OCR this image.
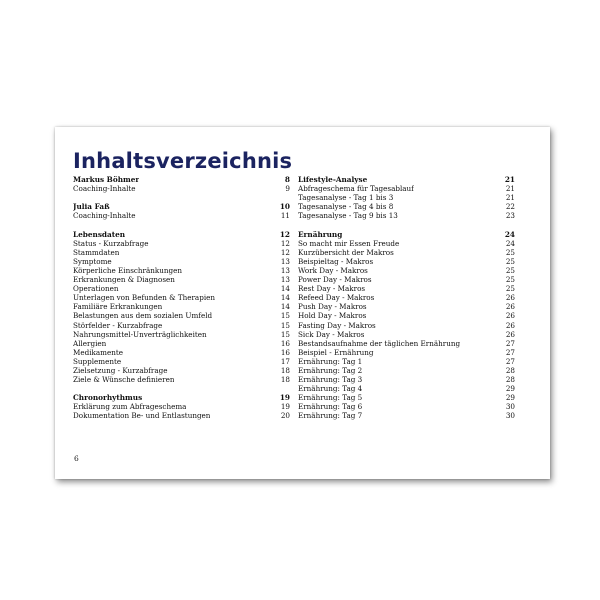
Inhaltsverzeichnis
Markus Böhmer	8
Coaching-Inhalte	9
Julia Faß	10
Coaching-Inhalte	11
Lebensdaten	12
Status - Kurzabfrage	12
Stammdaten	12
Symptome	13
Körperliche Einschränkungen	13
Erkrankungen & Diagnosen	13
Operationen	14
Unterlagen von Befunden & Therapien	14
Familiäre Erkrankungen	14
Belastungen aus dem sozialen Umfeld	15
Störfelder - Kurzabfrage	15
Nahrungsmittel-Unverträglichkeiten	15
Allergien	16
Medikamente	16
Supplemente	17
Zielsetzung - Kurzabfrage	18
Ziele & Wünsche definieren	18
Chronorhythmus	19
Erklärung zum Abfrageschema	19
Dokumentation Be- und Entlastungen	20
Lifestyle-Analyse	21
Abfrageschema für Tagesablauf	21
Tagesanalyse - Tag 1 bis 3	21
Tagesanalyse - Tag 4 bis 8	22
Tagesanalyse - Tag 9 bis 13	23
Ernährung	24
So macht mir Essen Freude	24
Kurzübersicht der Makros	25
Beispieltag - Makros	25
Work Day - Makros	25
Power Day - Makros	25
Rest Day - Makros	25
Refeed Day - Makros	26
Push Day - Makros	26
Hold Day - Makros	26
Fasting Day - Makros	26
Sick Day - Makros	26
Bestandsaufnahme der täglichen Ernährung	27
Beispiel - Ernährung	27
Ernährung: Tag 1	27
Ernährung: Tag 2	28
Ernährung: Tag 3	28
Ernährung: Tag 4	29
Ernährung: Tag 5	29
Ernährung: Tag 6	30
Ernährung: Tag 7	30

6
